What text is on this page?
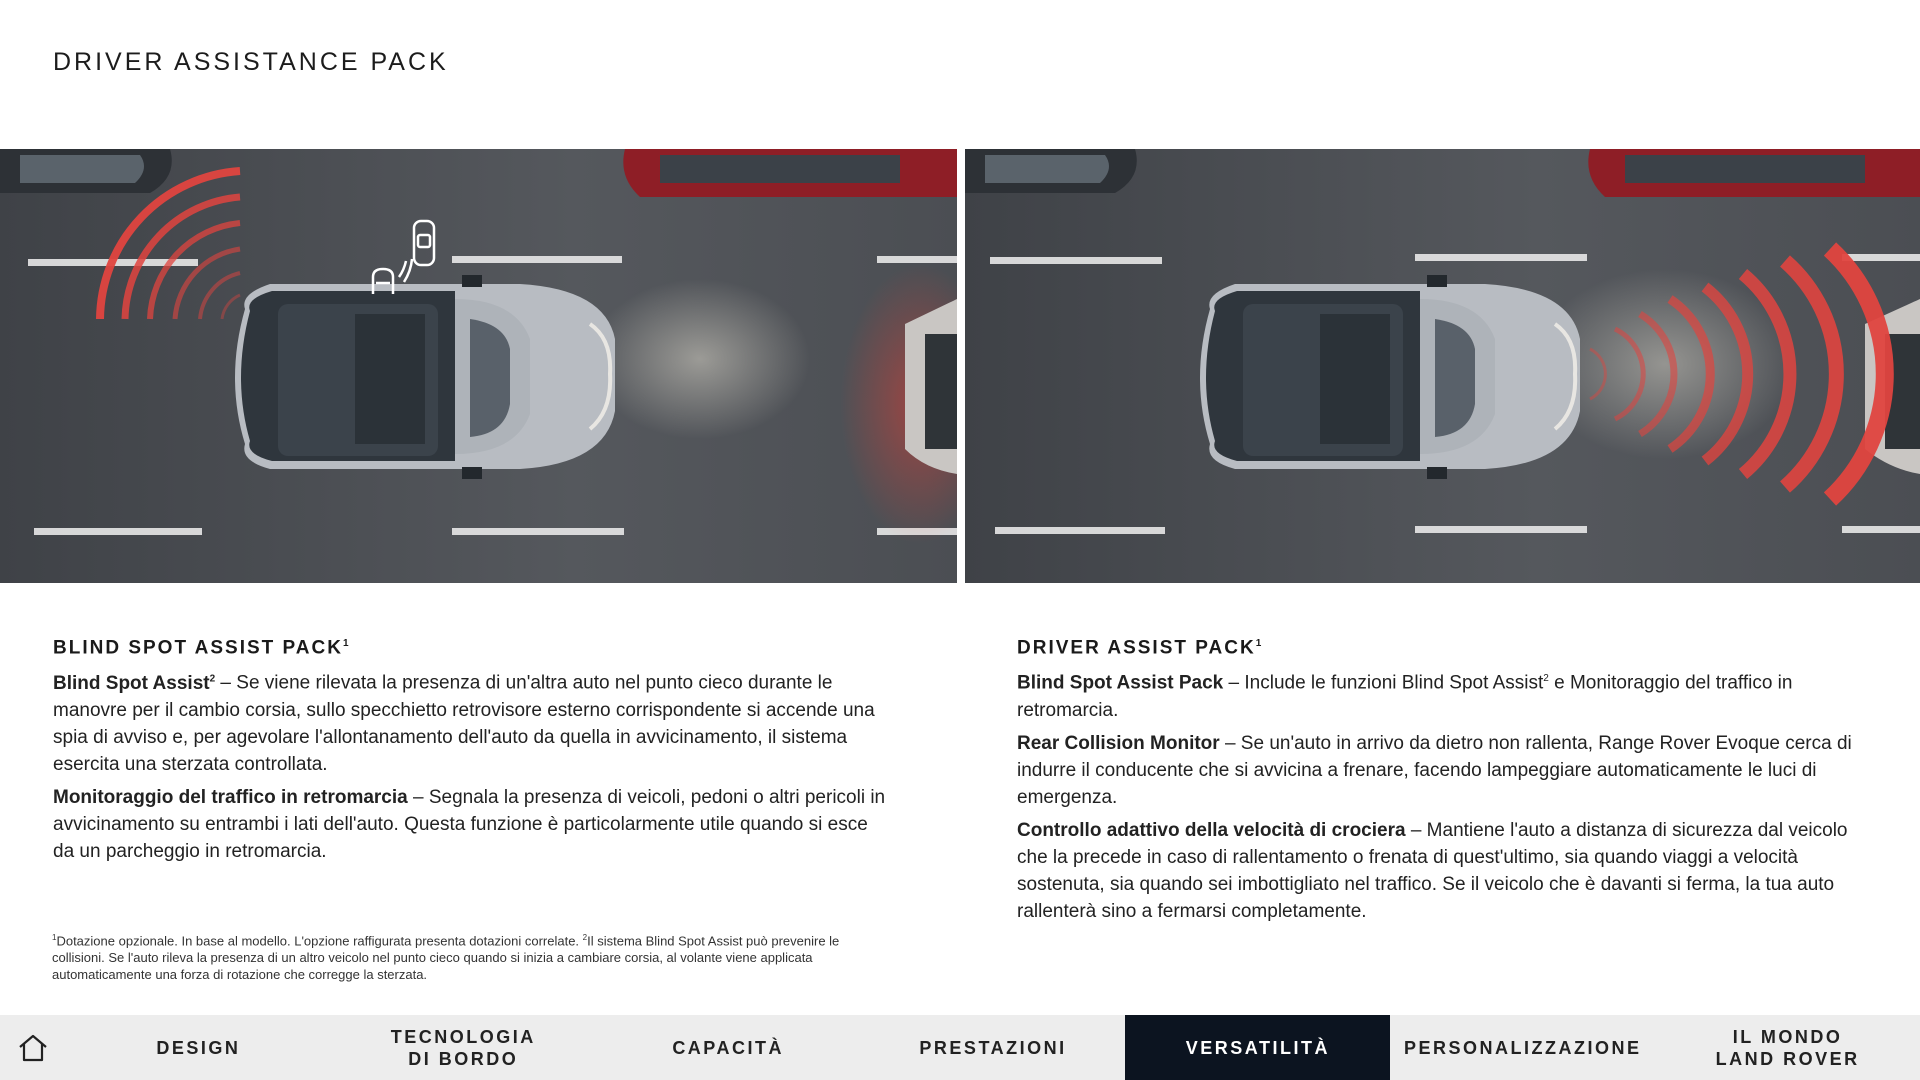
DRIVER ASSISTANCE PACK
BLIND SPOT ASSIST PACK$^1$

Blind Spot Assist$^2$ – Se viene rilevata la presenza di un'altra auto nel punto cieco durante le manovre per il cambio corsia, sullo specchietto retrovisore esterno corrispondente si accende una spia di avviso e, per agevolare l'allontanamento dell'auto da quella in avvicinamento, il sistema esercita una sterzata controllata.

Monitoraggio del traffico in retromarcia – Segnala la presenza di veicoli, pedoni o altri pericoli in avvicinamento su entrambi i lati dell'auto. Questa funzione è particolarmente utile quando si esce da un parcheggio in retromarcia.

DRIVER ASSIST PACK$^1$

Blind Spot Assist Pack – Include le funzioni Blind Spot Assist$^2$ e Monitoraggio del traffico in retromarcia.

Rear Collision Monitor – Se un'auto in arrivo da dietro non rallenta, Range Rover Evoque cerca di indurre il conducente che si avvicina a frenare, facendo lampeggiare automaticamente le luci di emergenza.

Controllo adattivo della velocità di crociera – Mantiene l'auto a distanza di sicurezza dal veicolo che la precede in caso di rallentamento o frenata di quest'ultimo, sia quando viaggi a velocità sostenuta, sia quando sei imbottigliato nel traffico. Se il veicolo che è davanti si ferma, la tua auto rallenterà sino a fermarsi completamente.

$^1$Dotazione opzionale. In base al modello. L'opzione raffigurata presenta dotazioni correlate. $^2$Il sistema Blind Spot Assist può prevenire le collisioni. Se l'auto rileva la presenza di un altro veicolo nel punto cieco quando si inizia a cambiare corsia, al volante viene applicata automaticamente una forza di rotazione che corregge la sterzata.
DESIGN
TECNOLOGIA
DI BORDO
CAPACITÀ	PRESTAZIONI	VERSATILITÀ	PERSONALIZZAZIONE
IL MONDO
LAND ROVER
